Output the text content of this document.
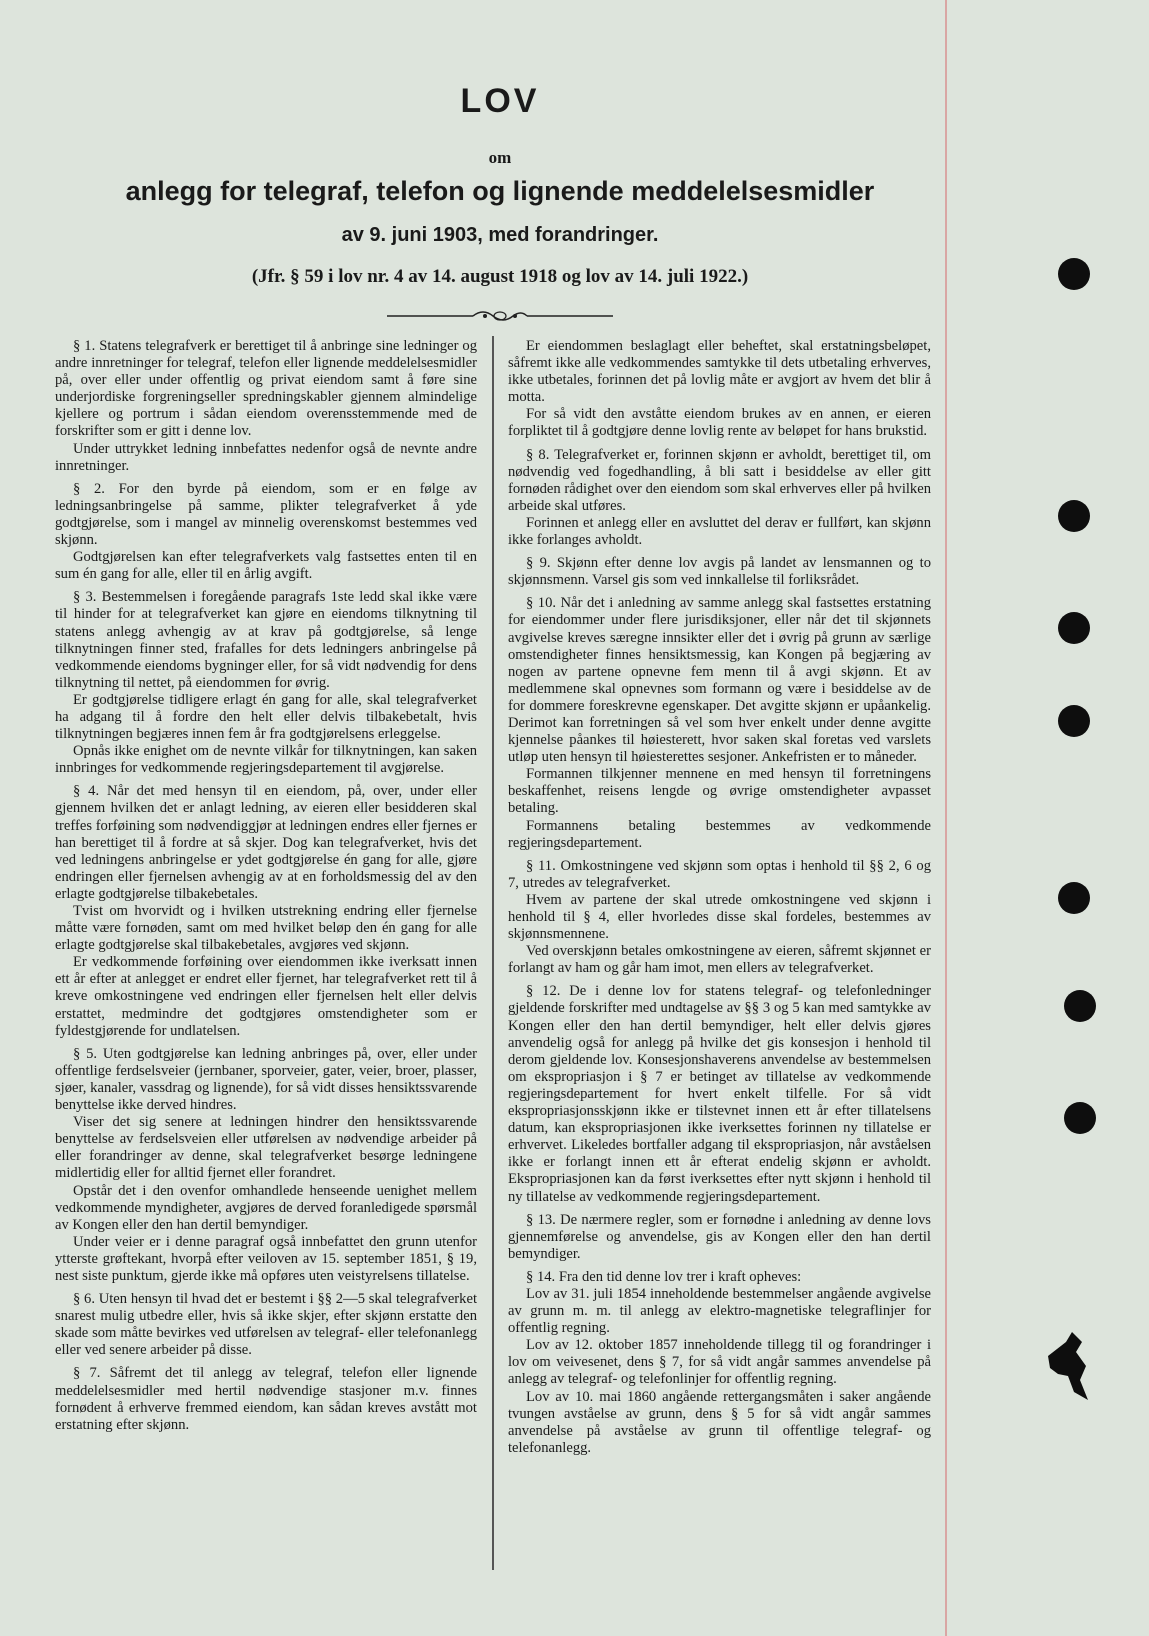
LOV
om
anlegg for telegraf, telefon og lignende meddelelsesmidler
av 9. juni 1903, med forandringer.
(Jfr. § 59 i lov nr. 4 av 14. august 1918 og lov av 14. juli 1922.)

§ 1. Statens telegrafverk er berettiget til å anbringe sine ledninger og andre innretninger for telegraf, telefon eller lignende meddelelsesmidler på, over eller under offentlig og privat eiendom samt å føre sine underjordiske forgreningseller spredningskabler gjennem almindelige kjellere og portrum i sådan eiendom overensstemmende med de forskrifter som er gitt i denne lov.

Under uttrykket ledning innbefattes nedenfor også de nevnte andre innretninger.

§ 2. For den byrde på eiendom, som er en følge av ledningsanbringelse på samme, plikter telegrafverket å yde godtgjørelse, som i mangel av minnelig overenskomst bestemmes ved skjønn.

Godtgjørelsen kan efter telegrafverkets valg fastsettes enten til en sum én gang for alle, eller til en årlig avgift.

§ 3. Bestemmelsen i foregående paragrafs 1ste ledd skal ikke være til hinder for at telegrafverket kan gjøre en eiendoms tilknytning til statens anlegg avhengig av at krav på godtgjørelse, så lenge tilknytningen finner sted, frafalles for dets ledningers anbringelse på vedkommende eiendoms bygninger eller, for så vidt nødvendig for dens tilknytning til nettet, på eiendommen for øvrig.

Er godtgjørelse tidligere erlagt én gang for alle, skal telegrafverket ha adgang til å fordre den helt eller delvis tilbakebetalt, hvis tilknytningen begjæres innen fem år fra godtgjørelsens erleggelse.

Opnås ikke enighet om de nevnte vilkår for tilknytningen, kan saken innbringes for vedkommende regjeringsdepartement til avgjørelse.

§ 4. Når det med hensyn til en eiendom, på, over, under eller gjennem hvilken det er anlagt ledning, av eieren eller besidderen skal treffes forføining som nødvendiggjør at ledningen endres eller fjernes er han berettiget til å fordre at så skjer. Dog kan telegrafverket, hvis det ved ledningens anbringelse er ydet godtgjørelse én gang for alle, gjøre endringen eller fjernelsen avhengig av at en forholdsmessig del av den erlagte godtgjørelse tilbakebetales.

Tvist om hvorvidt og i hvilken utstrekning endring eller fjernelse måtte være fornøden, samt om med hvilket beløp den én gang for alle erlagte godtgjørelse skal tilbakebetales, avgjøres ved skjønn.

Er vedkommende forføining over eiendommen ikke iverksatt innen ett år efter at anlegget er endret eller fjernet, har telegrafverket rett til å kreve omkostningene ved endringen eller fjernelsen helt eller delvis erstattet, medmindre det godtgjøres omstendigheter som er fyldestgjørende for undlatelsen.

§ 5. Uten godtgjørelse kan ledning anbringes på, over, eller under offentlige ferdselsveier (jernbaner, sporveier, gater, veier, broer, plasser, sjøer, kanaler, vassdrag og lignende), for så vidt disses hensiktssvarende benyttelse ikke derved hindres.

Viser det sig senere at ledningen hindrer den hensiktssvarende benyttelse av ferdselsveien eller utførelsen av nødvendige arbeider på eller forandringer av denne, skal telegrafverket besørge ledningene midlertidig eller for alltid fjernet eller forandret.

Opstår det i den ovenfor omhandlede henseende uenighet mellem vedkommende myndigheter, avgjøres de derved foranledigede spørsmål av Kongen eller den han dertil bemyndiger.

Under veier er i denne paragraf også innbefattet den grunn utenfor ytterste grøftekant, hvorpå efter veiloven av 15. september 1851, § 19, nest siste punktum, gjerde ikke må opføres uten veistyrelsens tillatelse.

§ 6. Uten hensyn til hvad det er bestemt i §§ 2—5 skal telegrafverket snarest mulig utbedre eller, hvis så ikke skjer, efter skjønn erstatte den skade som måtte bevirkes ved utførelsen av telegraf- eller telefonanlegg eller ved senere arbeider på disse.

§ 7. Såfremt det til anlegg av telegraf, telefon eller lignende meddelelsesmidler med hertil nødvendige stasjoner m.v. finnes fornødent å erhverve fremmed eiendom, kan sådan kreves avstått mot erstatning efter skjønn.

Er eiendommen beslaglagt eller beheftet, skal erstatningsbeløpet, såfremt ikke alle vedkommendes samtykke til dets utbetaling erhverves, ikke utbetales, forinnen det på lovlig måte er avgjort av hvem det blir å motta.

For så vidt den avståtte eiendom brukes av en annen, er eieren forpliktet til å godtgjøre denne lovlig rente av beløpet for hans brukstid.

§ 8. Telegrafverket er, forinnen skjønn er avholdt, berettiget til, om nødvendig ved fogedhandling, å bli satt i besiddelse av eller gitt fornøden rådighet over den eiendom som skal erhverves eller på hvilken arbeide skal utføres.

Forinnen et anlegg eller en avsluttet del derav er fullført, kan skjønn ikke forlanges avholdt.

§ 9. Skjønn efter denne lov avgis på landet av lensmannen og to skjønnsmenn. Varsel gis som ved innkallelse til forliksrådet.

§ 10. Når det i anledning av samme anlegg skal fastsettes erstatning for eiendommer under flere jurisdiksjoner, eller når det til skjønnets avgivelse kreves særegne innsikter eller det i øvrig på grunn av særlige omstendigheter finnes hensiktsmessig, kan Kongen på begjæring av nogen av partene opnevne fem menn til å avgi skjønn. Et av medlemmene skal opnevnes som formann og være i besiddelse av de for dommere foreskrevne egenskaper. Det avgitte skjønn er upåankelig. Derimot kan forretningen så vel som hver enkelt under denne avgitte kjennelse påankes til høiesterett, hvor saken skal foretas ved varslets utløp uten hensyn til høiesterettes sesjoner. Ankefristen er to måneder.

Formannen tilkjenner mennene en med hensyn til forretningens beskaffenhet, reisens lengde og øvrige omstendigheter avpasset betaling.

Formannens betaling bestemmes av vedkommende regjeringsdepartement.

§ 11. Omkostningene ved skjønn som optas i henhold til §§ 2, 6 og 7, utredes av telegrafverket.

Hvem av partene der skal utrede omkostningene ved skjønn i henhold til § 4, eller hvorledes disse skal fordeles, bestemmes av skjønnsmennene.

Ved overskjønn betales omkostningene av eieren, såfremt skjønnet er forlangt av ham og går ham imot, men ellers av telegrafverket.

§ 12. De i denne lov for statens telegraf- og telefonledninger gjeldende forskrifter med undtagelse av §§ 3 og 5 kan med samtykke av Kongen eller den han dertil bemyndiger, helt eller delvis gjøres anvendelig også for anlegg på hvilke det gis konsesjon i henhold til derom gjeldende lov. Konsesjonshaverens anvendelse av bestemmelsen om ekspropriasjon i § 7 er betinget av tillatelse av vedkommende regjeringsdepartement for hvert enkelt tilfelle. For så vidt ekspropriasjonsskjønn ikke er tilstevnet innen ett år efter tillatelsens datum, kan ekspropriasjonen ikke iverksettes forinnen ny tillatelse er erhvervet. Likeledes bortfaller adgang til ekspropriasjon, når avståelsen ikke er forlangt innen ett år efterat endelig skjønn er avholdt. Ekspropriasjonen kan da først iverksettes efter nytt skjønn i henhold til ny tillatelse av vedkommende regjeringsdepartement.

§ 13. De nærmere regler, som er fornødne i anledning av denne lovs gjennemførelse og anvendelse, gis av Kongen eller den han dertil bemyndiger.

§ 14. Fra den tid denne lov trer i kraft opheves:

Lov av 31. juli 1854 inneholdende bestemmelser angående avgivelse av grunn m. m. til anlegg av elektro-magnetiske telegraflinjer for offentlig regning.

Lov av 12. oktober 1857 inneholdende tillegg til og forandringer i lov om veivesenet, dens § 7, for så vidt angår sammes anvendelse på anlegg av telegraf- og telefonlinjer for offentlig regning.

Lov av 10. mai 1860 angående rettergangsmåten i saker angående tvungen avståelse av grunn, dens § 5 for så vidt angår sammes anvendelse på avståelse av grunn til offentlige telegraf- og telefonanlegg.
